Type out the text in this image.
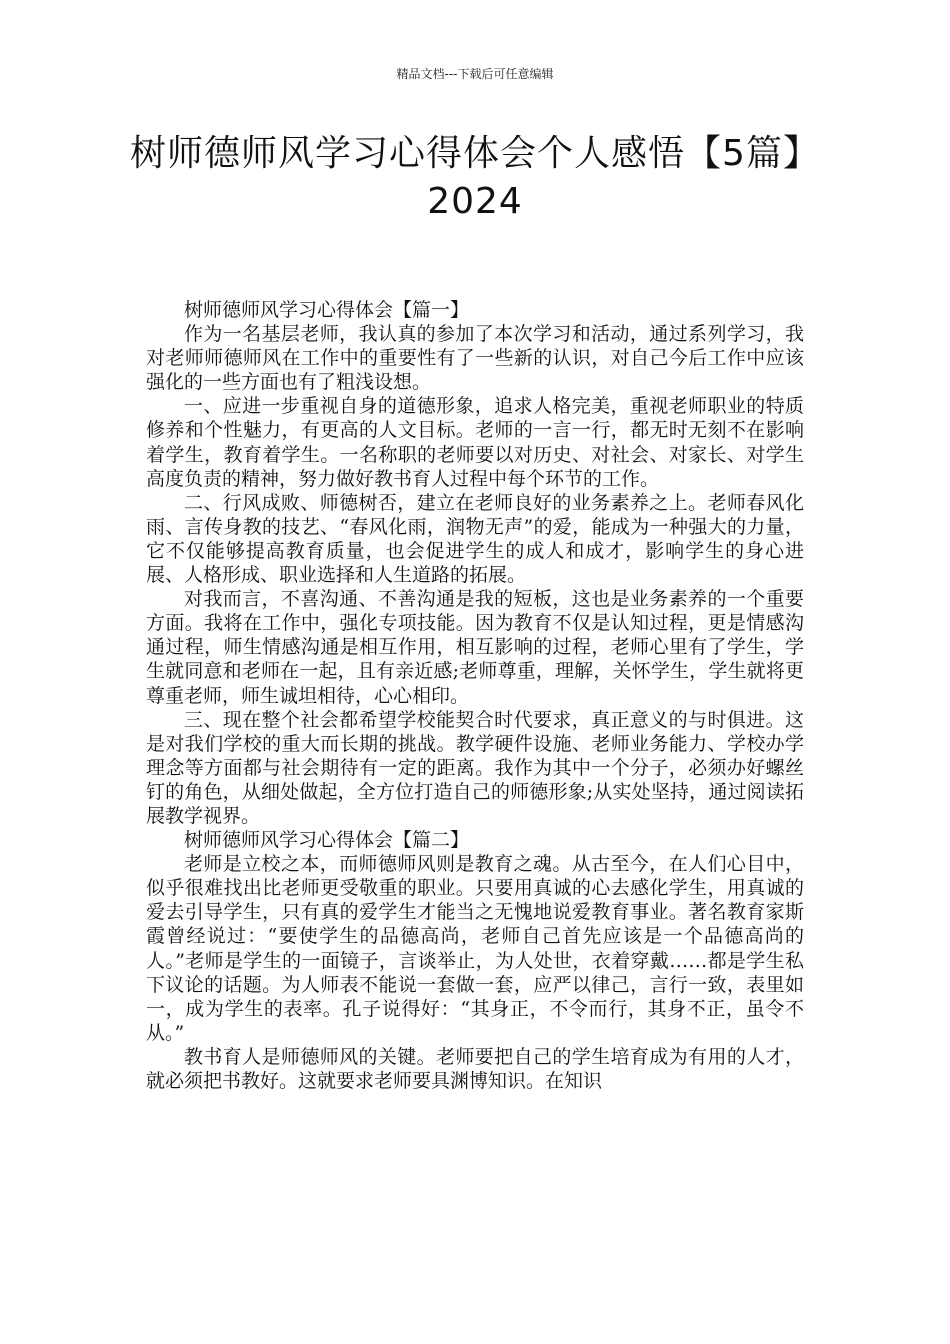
精品文档---下载后可任意编辑
树师德师风学习心得体会个人感悟【5篇】2024

树师德师风学习心得体会【篇一】

作为一名基层老师，我认真的参加了本次学习和活动，通过系列学习，我对老师师德师风在工作中的重要性有了一些新的认识，对自己今后工作中应该强化的一些方面也有了粗浅设想。

一、应进一步重视自身的道德形象，追求人格完美，重视老师职业的特质修养和个性魅力，有更高的人文目标。老师的一言一行，都无时无刻不在影响着学生，教育着学生。一名称职的老师要以对历史、对社会、对家长、对学生高度负责的精神，努力做好教书育人过程中每个环节的工作。

二、行风成败、师德树否，建立在老师良好的业务素养之上。老师春风化雨、言传身教的技艺、“春风化雨，润物无声”的爱，能成为一种强大的力量，它不仅能够提高教育质量，也会促进学生的成人和成才，影响学生的身心进展、人格形成、职业选择和人生道路的拓展。

对我而言，不喜沟通、不善沟通是我的短板，这也是业务素养的一个重要方面。我将在工作中，强化专项技能。因为教育不仅是认知过程，更是情感沟通过程，师生情感沟通是相互作用，相互影响的过程，老师心里有了学生，学生就同意和老师在一起，且有亲近感;老师尊重，理解，关怀学生，学生就将更尊重老师，师生诚坦相待，心心相印。

三、现在整个社会都希望学校能契合时代要求，真正意义的与时俱进。这是对我们学校的重大而长期的挑战。教学硬件设施、老师业务能力、学校办学理念等方面都与社会期待有一定的距离。我作为其中一个分子，必须办好螺丝钉的角色，从细处做起，全方位打造自己的师德形象;从实处坚持，通过阅读拓展教学视界。

树师德师风学习心得体会【篇二】

老师是立校之本，而师德师风则是教育之魂。从古至今，在人们心目中，似乎很难找出比老师更受敬重的职业。只要用真诚的心去感化学生，用真诚的爱去引导学生，只有真的爱学生才能当之无愧地说爱教育事业。著名教育家斯霞曾经说过：“要使学生的品德高尚，老师自己首先应该是一个品德高尚的人。”老师是学生的一面镜子，言谈举止，为人处世，衣着穿戴……都是学生私下议论的话题。为人师表不能说一套做一套，应严以律己，言行一致，表里如一，成为学生的表率。孔子说得好：“其身正，不令而行，其身不正，虽令不从。”

教书育人是师德师风的关键。老师要把自己的学生培育成为有用的人才，就必须把书教好。这就要求老师要具渊博知识。在知识
